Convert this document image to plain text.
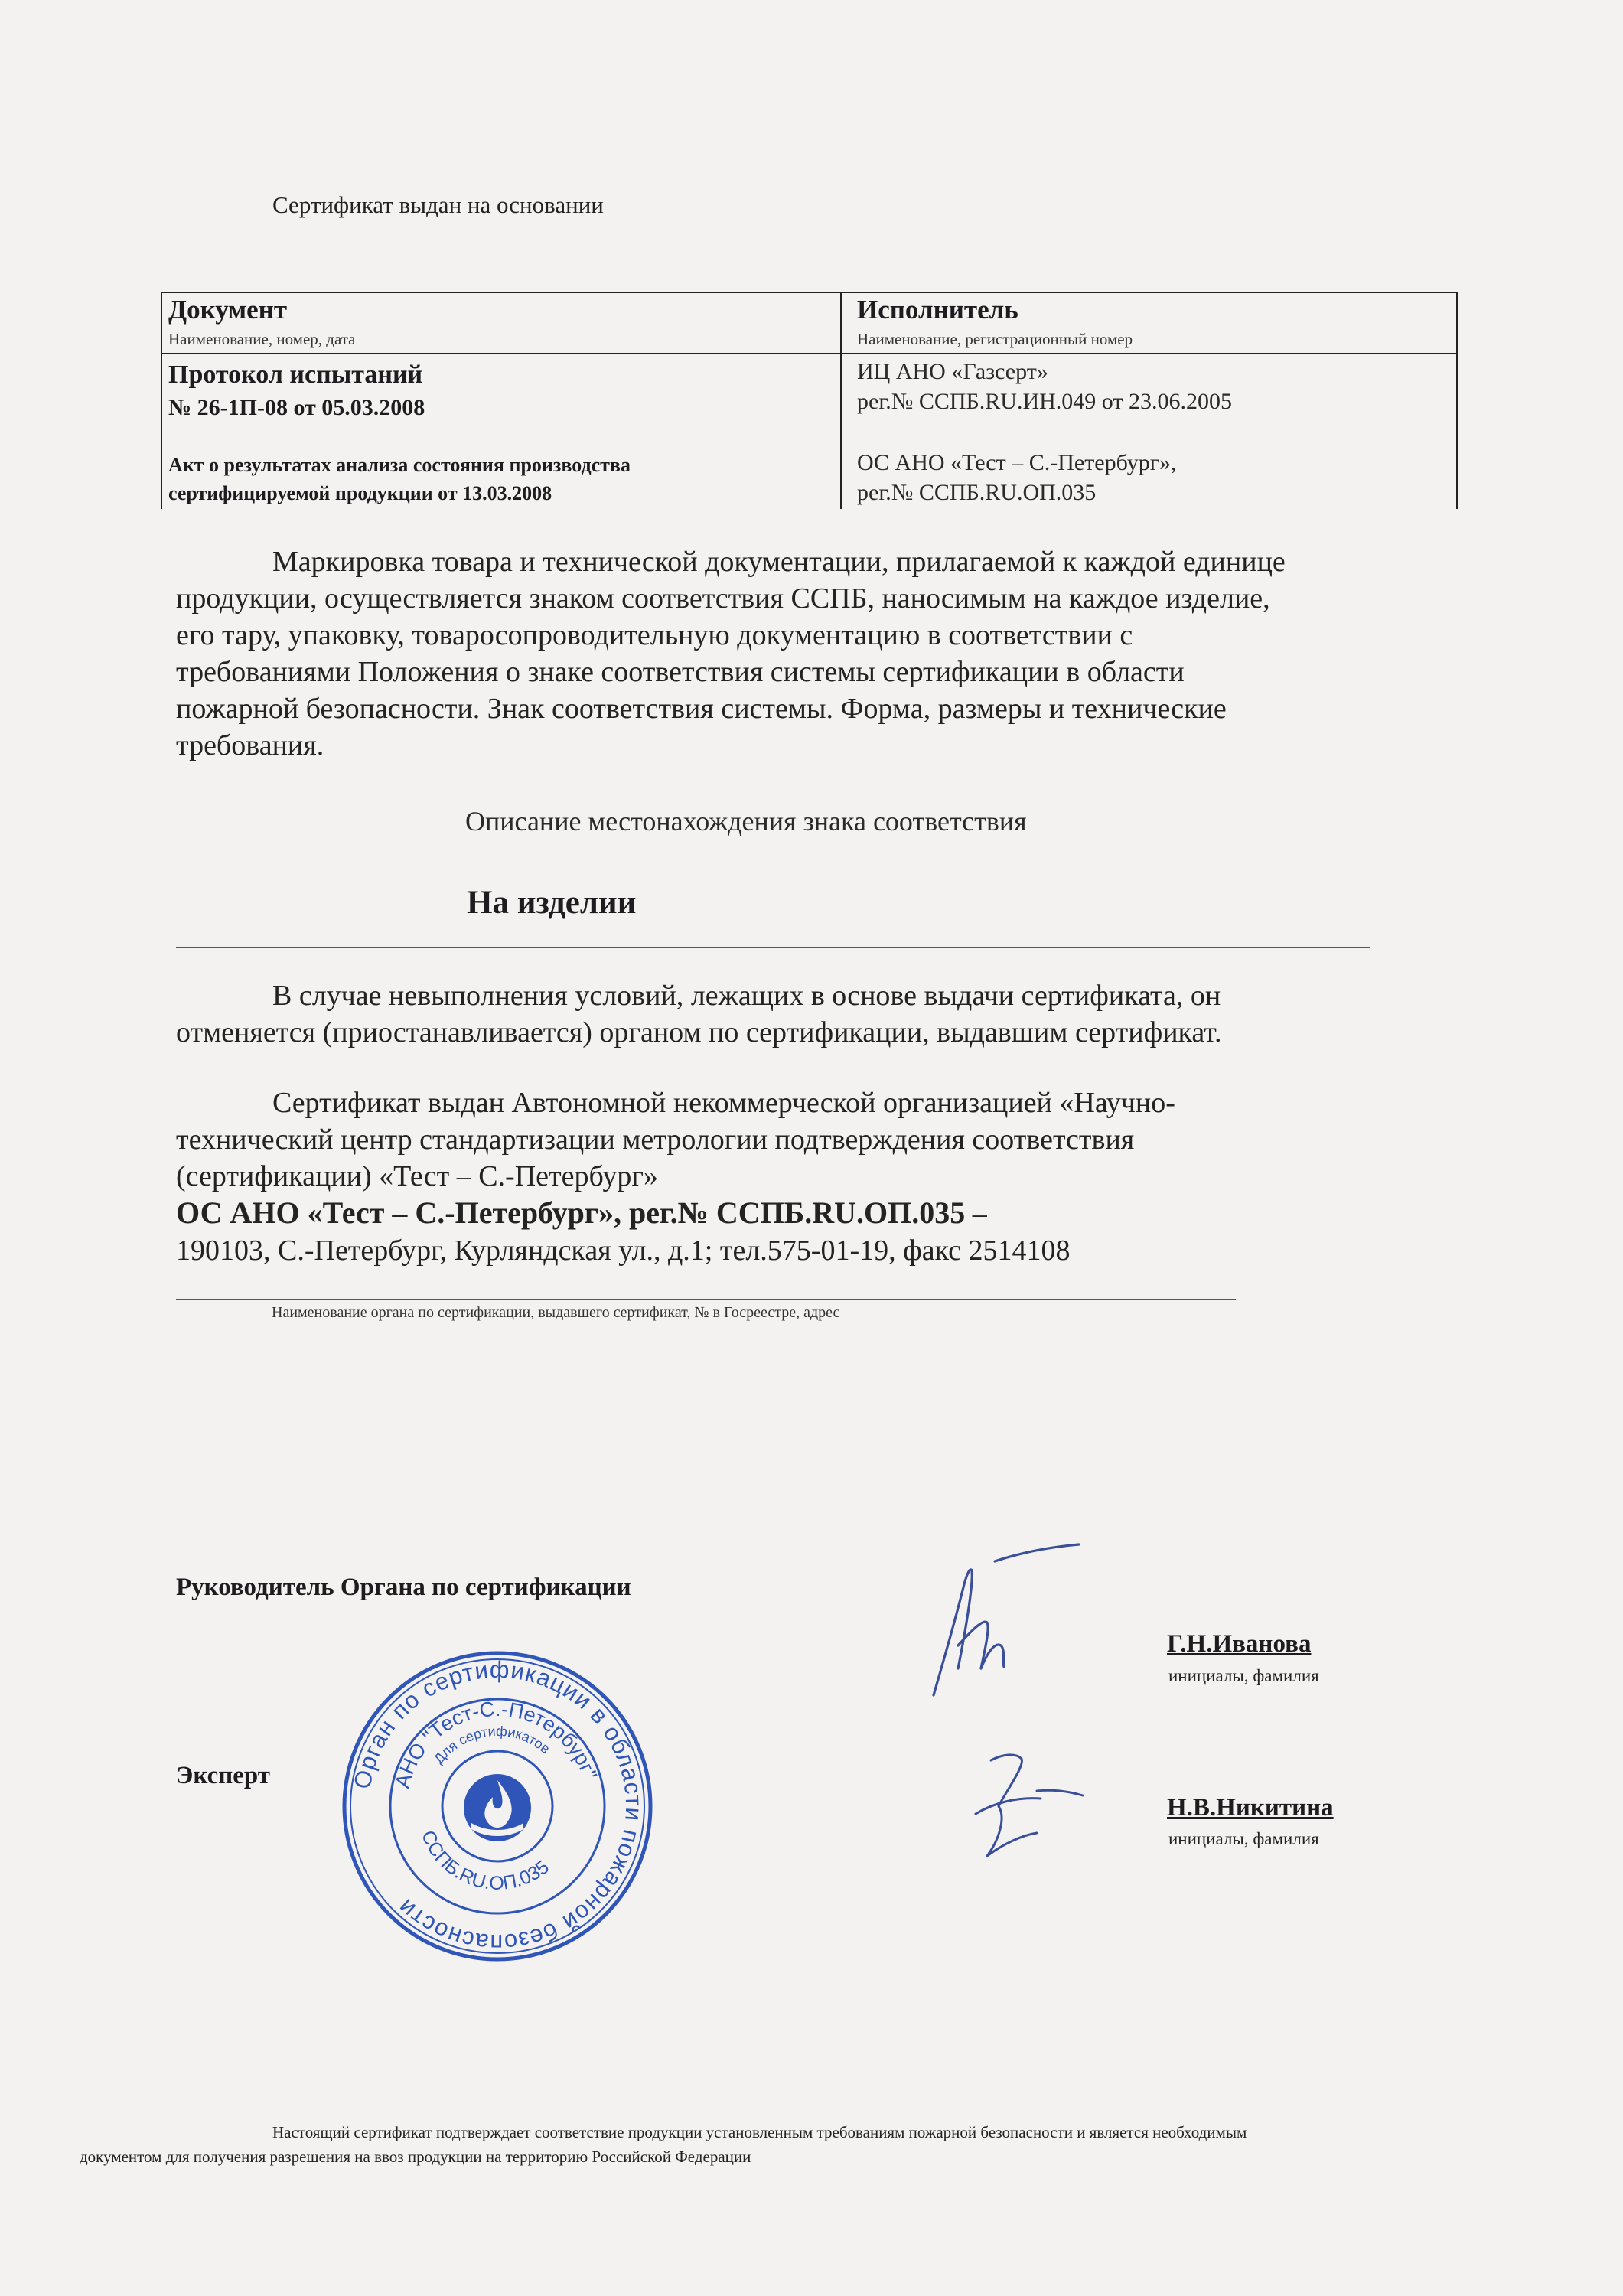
Сертификат выдан на основании
Документ
Наименование, номер, дата
Исполнитель
Наименование, регистрационный номер
Протокол испытаний
№ 26-1П-08 от 05.03.2008
Акт о результатах анализа состояния производства
сертифицируемой продукции от 13.03.2008
ИЦ АНО «Газсерт»
рег.№ ССПБ.RU.ИН.049 от 23.06.2005
ОС АНО «Тест – С.-Петербург»,
рег.№ ССПБ.RU.ОП.035
Маркировка товара и технической документации, прилагаемой к каждой единице
продукции, осуществляется знаком соответствия ССПБ, наносимым на каждое изделие,
его тару, упаковку, товаросопроводительную документацию в соответствии с
требованиями Положения о знаке соответствия системы сертификации в области
пожарной безопасности. Знак соответствия системы. Форма, размеры и технические
требования.
Описание местонахождения знака соответствия
На изделии
В случае невыполнения условий, лежащих в основе выдачи сертификата, он
отменяется (приостанавливается) органом по сертификации, выдавшим сертификат.
Сертификат выдан Автономной некоммерческой организацией «Научно-
технический центр стандартизации метрологии подтверждения соответствия
(сертификации) «Тест – С.-Петербург»
ОС АНО «Тест – С.-Петербург», рег.№ ССПБ.RU.ОП.035 –
190103, С.-Петербург, Курляндская ул., д.1; тел.575-01-19, факс 2514108
Наименование органа по сертификации, выдавшего сертификат, № в Госреестре, адрес
Руководитель Органа по сертификации
Г.Н.Иванова
инициалы, фамилия
Эксперт
Н.В.Никитина
инициалы, фамилия
Орган по сертификации в области пожарной безопасности
АНО "Тест-С.-Петербург"
Для сертификатов
ССПБ.RU.ОП.035
Настоящий сертификат подтверждает соответствие продукции установленным требованиям пожарной безопасности и является необходимым
документом для получения разрешения на ввоз продукции на территорию Российской Федерации
